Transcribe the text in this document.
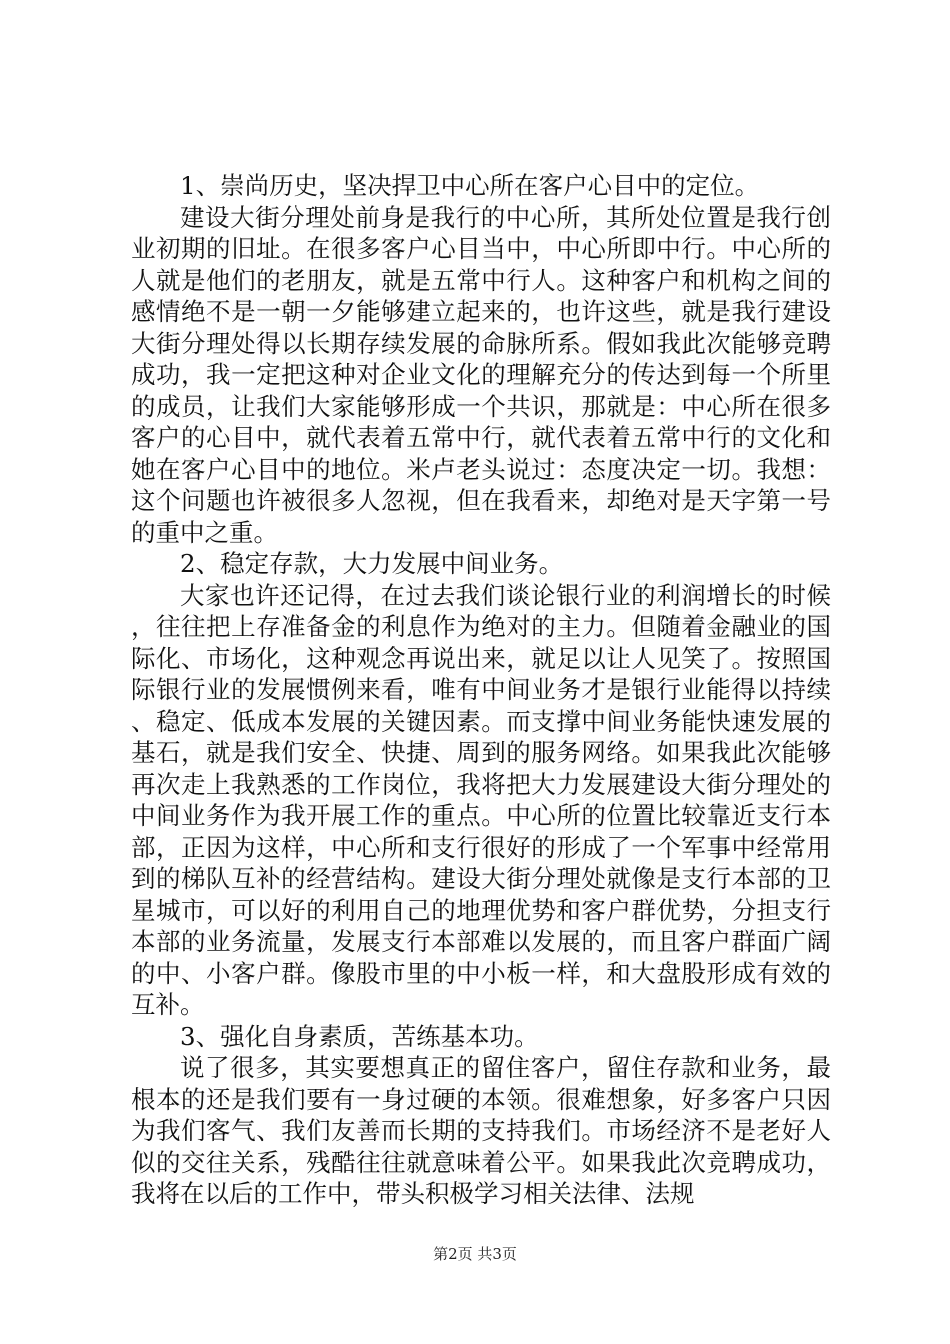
1、崇尚历史，坚决捍卫中心所在客户心目中的定位。

建设大街分理处前身是我行的中心所，其所处位置是我行创业初期的旧址。在很多客户心目当中，中心所即中行。中心所的人就是他们的老朋友，就是五常中行人。这种客户和机构之间的感情绝不是一朝一夕能够建立起来的，也许这些，就是我行建设大街分理处得以长期存续发展的命脉所系。假如我此次能够竞聘成功，我一定把这种对企业文化的理解充分的传达到每一个所里的成员，让我们大家能够形成一个共识，那就是：中心所在很多客户的心目中，就代表着五常中行，就代表着五常中行的文化和她在客户心目中的地位。米卢老头说过：态度决定一切。我想：这个问题也许被很多人忽视，但在我看来，却绝对是天字第一号的重中之重。

2、稳定存款，大力发展中间业务。

大家也许还记得，在过去我们谈论银行业的利润增长的时候，往往把上存准备金的利息作为绝对的主力。但随着金融业的国际化、市场化，这种观念再说出来，就足以让人见笑了。按照国际银行业的发展惯例来看，唯有中间业务才是银行业能得以持续、稳定、低成本发展的关键因素。而支撑中间业务能快速发展的基石，就是我们安全、快捷、周到的服务网络。如果我此次能够再次走上我熟悉的工作岗位，我将把大力发展建设大街分理处的中间业务作为我开展工作的重点。中心所的位置比较靠近支行本部，正因为这样，中心所和支行很好的形成了一个军事中经常用到的梯队互补的经营结构。建设大街分理处就像是支行本部的卫星城市，可以好的利用自己的地理优势和客户群优势，分担支行本部的业务流量，发展支行本部难以发展的，而且客户群面广阔的中、小客户群。像股市里的中小板一样，和大盘股形成有效的互补。

3、强化自身素质，苦练基本功。

说了很多，其实要想真正的留住客户，留住存款和业务，最根本的还是我们要有一身过硬的本领。很难想象，好多客户只因为我们客气、我们友善而长期的支持我们。市场经济不是老好人似的交往关系，残酷往往就意味着公平。如果我此次竞聘成功，我将在以后的工作中，带头积极学习相关法律、法规

第2页 共3页
